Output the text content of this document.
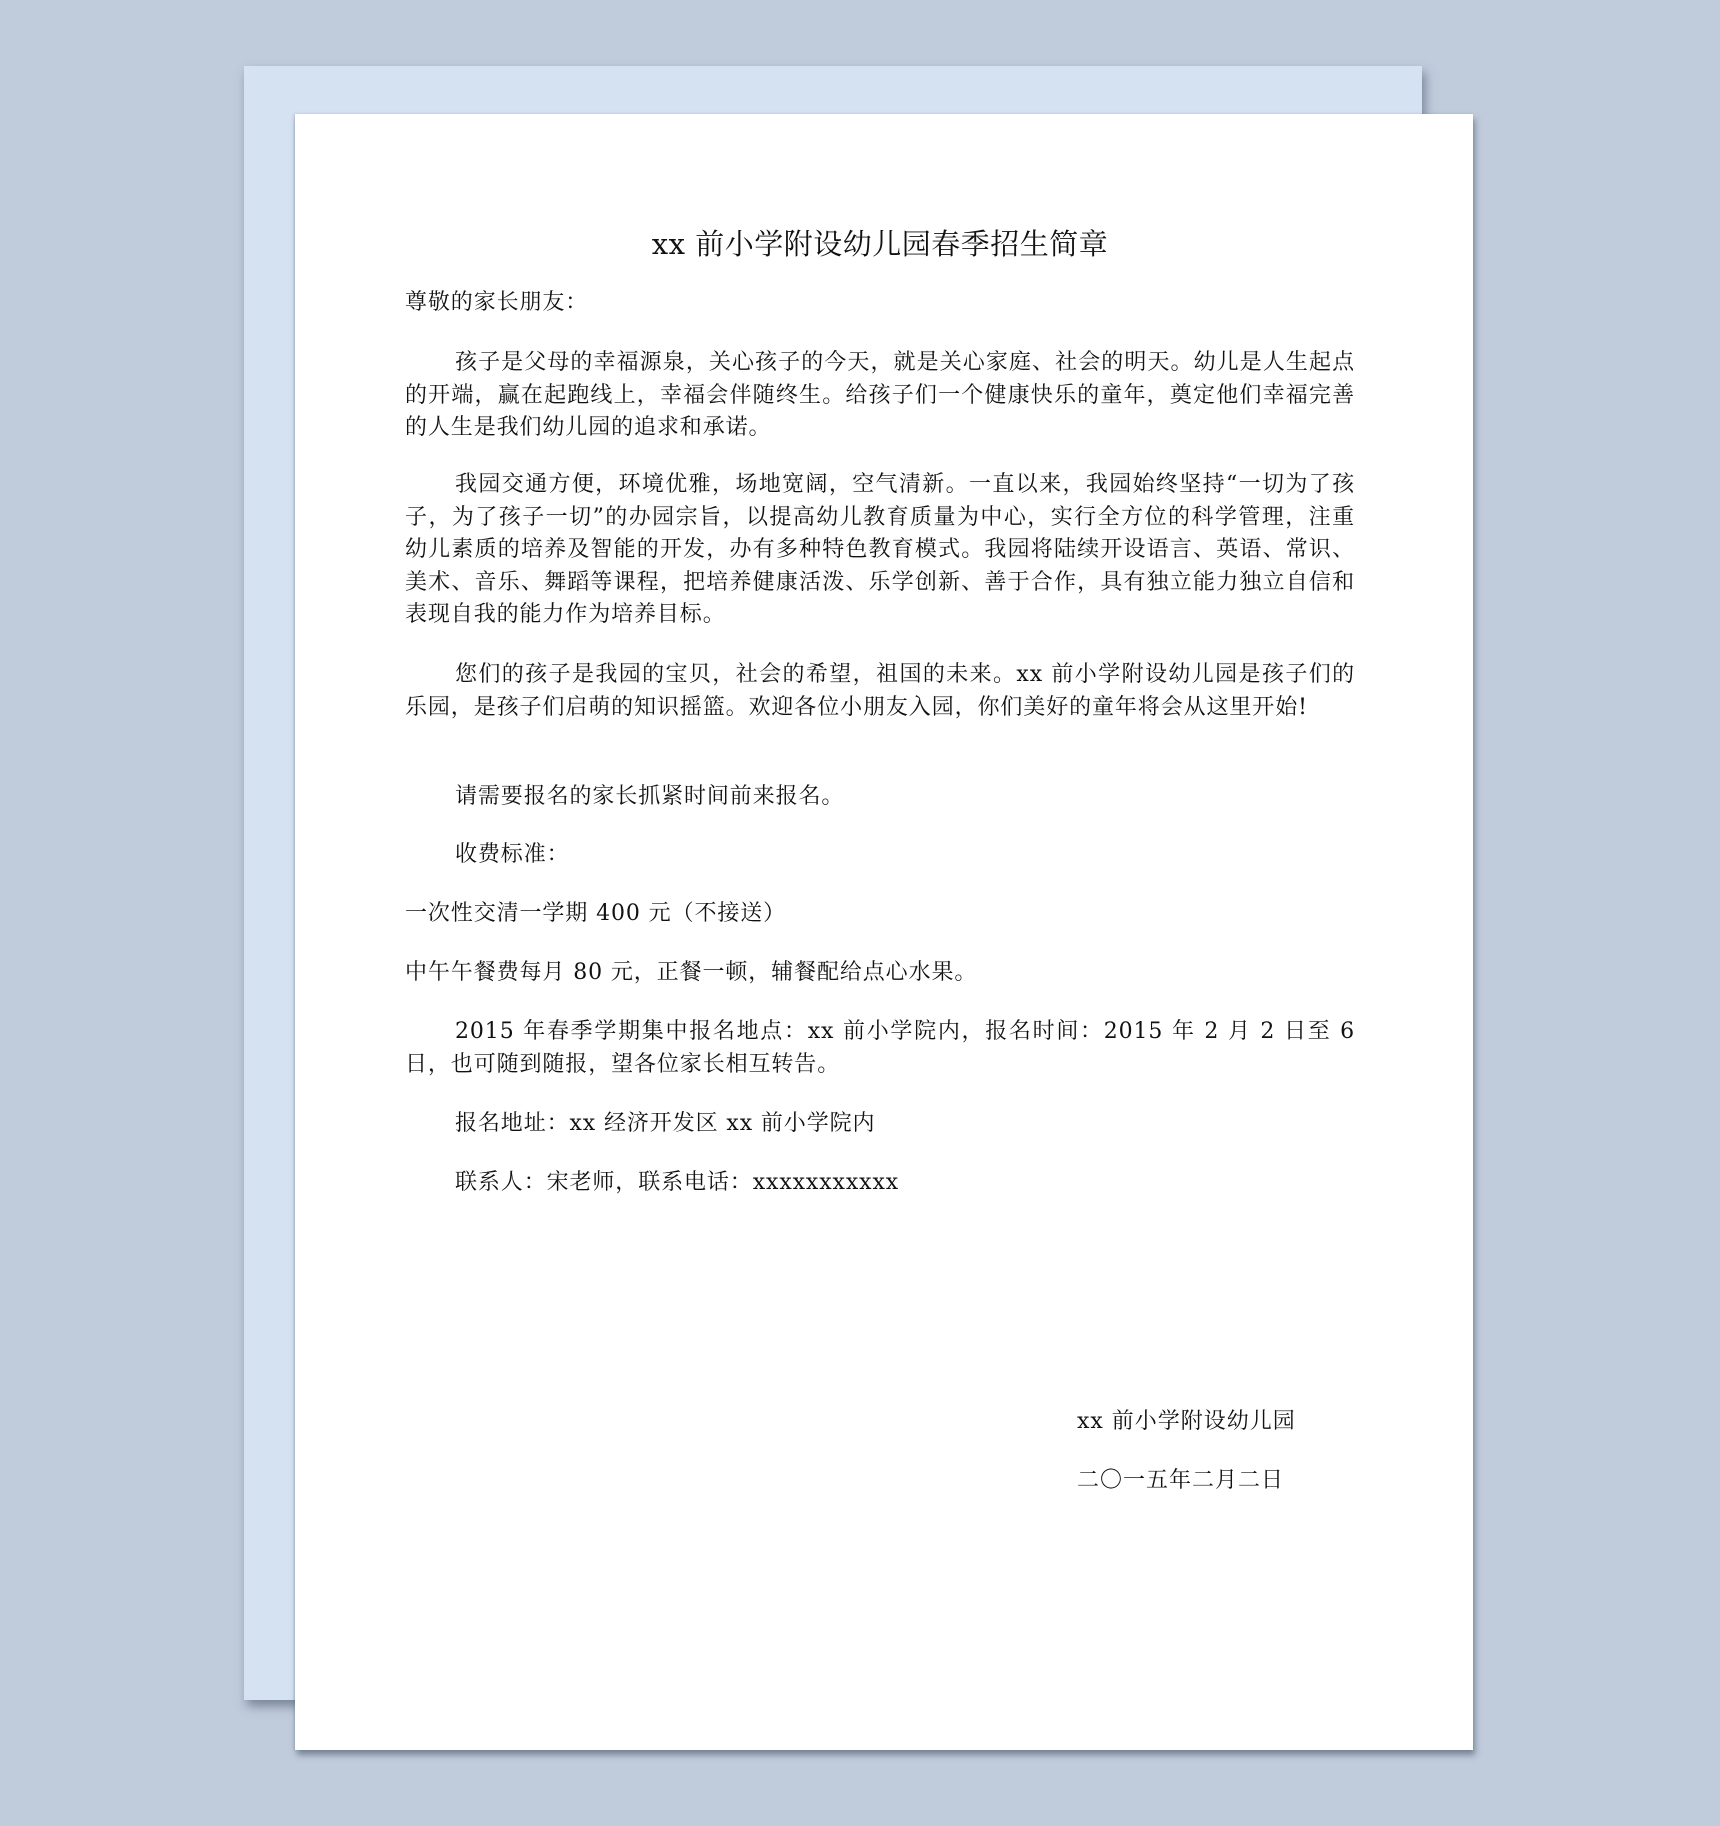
xx 前小学附设幼儿园春季招生简章

尊敬的家长朋友：

孩子是父母的幸福源泉，关心孩子的今天，就是关心家庭、社会的明天。幼儿是人生起点的开端，赢在起跑线上，幸福会伴随终生。给孩子们一个健康快乐的童年，奠定他们幸福完善的人生是我们幼儿园的追求和承诺。

我园交通方便，环境优雅，场地宽阔，空气清新。一直以来，我园始终坚持“一切为了孩子，为了孩子一切”的办园宗旨，以提高幼儿教育质量为中心，实行全方位的科学管理，注重幼儿素质的培养及智能的开发，办有多种特色教育模式。我园将陆续开设语言、英语、常识、美术、音乐、舞蹈等课程，把培养健康活泼、乐学创新、善于合作，具有独立能力独立自信和表现自我的能力作为培养目标。

您们的孩子是我园的宝贝，社会的希望，祖国的未来。xx 前小学附设幼儿园是孩子们的乐园，是孩子们启萌的知识摇篮。欢迎各位小朋友入园，你们美好的童年将会从这里开始!

请需要报名的家长抓紧时间前来报名。

收费标准：

一次性交清一学期 400 元（不接送）

中午午餐费每月 80 元，正餐一顿，辅餐配给点心水果。

2015 年春季学期集中报名地点：xx 前小学院内，报名时间：2015 年 2 月 2 日至 6 日，也可随到随报，望各位家长相互转告。

报名地址：xx 经济开发区 xx 前小学院内

联系人：宋老师，联系电话：xxxxxxxxxxx

xx 前小学附设幼儿园
二〇一五年二月二日
